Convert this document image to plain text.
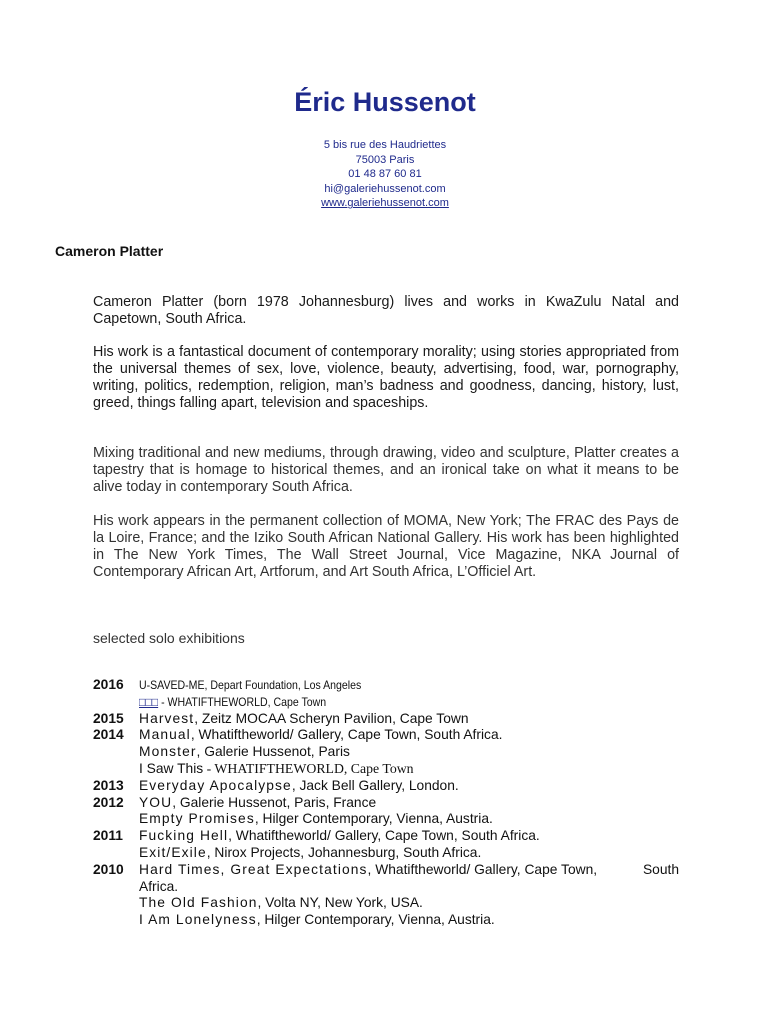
Éric Hussenot
5 bis rue des Haudriettes
75003 Paris
01 48 87 60 81
hi@galeriehussenot.com
www.galeriehussenot.com
Cameron Platter

Cameron Platter (born 1978 Johannesburg) lives and works in KwaZulu Natal and Capetown, South Africa.

His work is a fantastical document of contemporary morality; using stories appropriated from the universal themes of sex, love, violence, beauty, advertising, food, war, pornography, writing, politics, redemption, religion, man’s badness and goodness, dancing, history, lust, greed, things falling apart, television and spaceships.

Mixing traditional and new mediums, through drawing, video and sculpture, Platter creates a tapestry that is homage to historical themes, and an ironical take on what it means to be alive today in contemporary South Africa.

His work appears in the permanent collection of MOMA, New York; The FRAC des Pays de la Loire, France; and the Iziko South African National Gallery. His work has been highlighted in The New York Times, The Wall Street Journal, Vice Magazine, NKA Journal of Contemporary African Art, Artforum, and Art South Africa, L’Officiel Art.

selected solo exhibitions
2016	U-SAVED-ME, Depart Foundation, Los Angeles
□□□ - WHATIFTHEWORLD, Cape Town
2015	Harvest, Zeitz MOCAA Scheryn Pavilion, Cape Town
2014	Manual, Whatiftheworld/ Gallery, Cape Town, South Africa.
Monster, Galerie Hussenot, Paris
I Saw This - WHATIFTHEWORLD, Cape Town
2013	Everyday Apocalypse, Jack Bell Gallery, London.
2012	YOU, Galerie Hussenot, Paris, France
Empty Promises, Hilger Contemporary, Vienna, Austria.
2011	Fucking Hell, Whatiftheworld/ Gallery, Cape Town, South Africa.
Exit/Exile, Nirox Projects, Johannesburg, South Africa.
2010	Hard Times, Great Expectations, Whatiftheworld/ Gallery, Cape Town,	South
Africa.
The Old Fashion, Volta NY, New York, USA.
I Am Lonelyness, Hilger Contemporary, Vienna, Austria.
